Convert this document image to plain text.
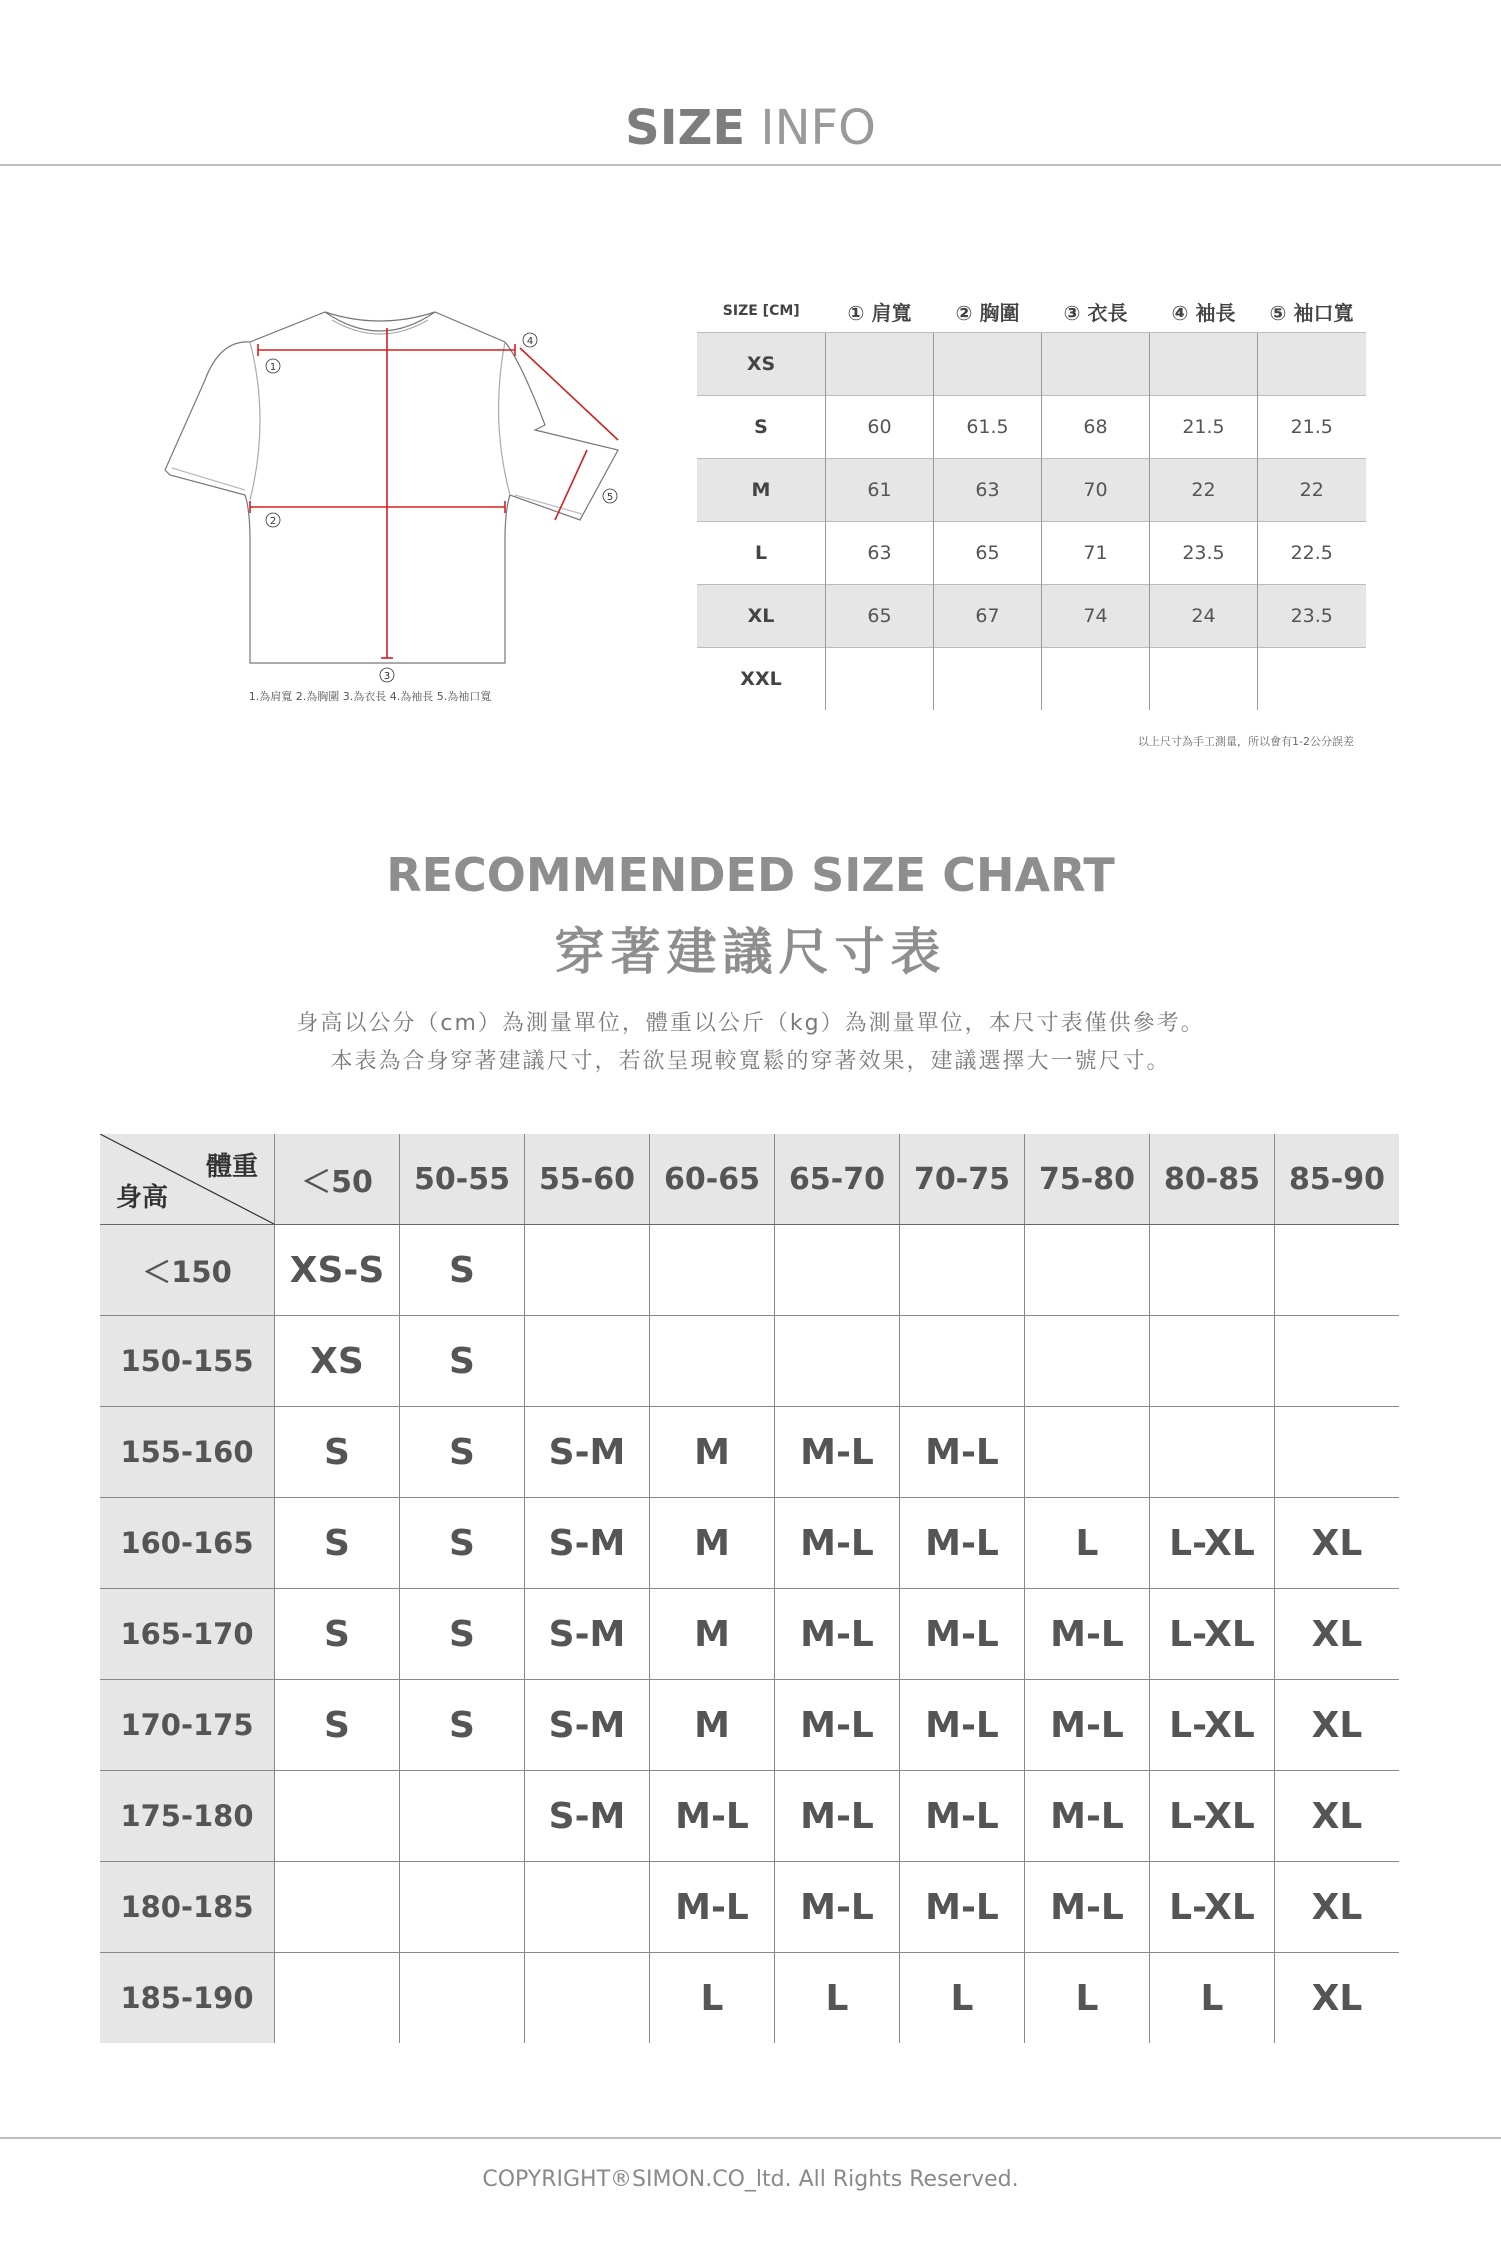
SIZE INFO
1
2
3
4
5
1.為肩寬 2.為胸圍 3.為衣長 4.為袖長 5.為袖口寬
SIZE [CM]	① 肩寬	② 胸圍	③ 衣長	④ 袖長	⑤ 袖口寬
XS					
S	60	61.5	68	21.5	21.5
M	61	63	70	22	22
L	63	65	71	23.5	22.5
XL	65	67	74	24	23.5
XXL					
以上尺寸為手工測量，所以會有1-2公分誤差
RECOMMENDED SIZE CHART
穿著建議尺寸表
身高以公分（cm）為測量單位，體重以公斤（kg）為測量單位，本尺寸表僅供參考。
本表為合身穿著建議尺寸，若欲呈現較寬鬆的穿著效果，建議選擇大一號尺寸。
體重
身高	＜50	50-55	55-60	60-65	65-70	70-75	75-80	80-85	85-90
＜150	XS-S	S							
150-155	XS	S							
155-160	S	S	S-M	M	M-L	M-L			
160-165	S	S	S-M	M	M-L	M-L	L	L-XL	XL
165-170	S	S	S-M	M	M-L	M-L	M-L	L-XL	XL
170-175	S	S	S-M	M	M-L	M-L	M-L	L-XL	XL
175-180			S-M	M-L	M-L	M-L	M-L	L-XL	XL
180-185				M-L	M-L	M-L	M-L	L-XL	XL
185-190				L	L	L	L	L	XL
COPYRIGHT®SIMON.CO_ltd. All Rights Reserved.
